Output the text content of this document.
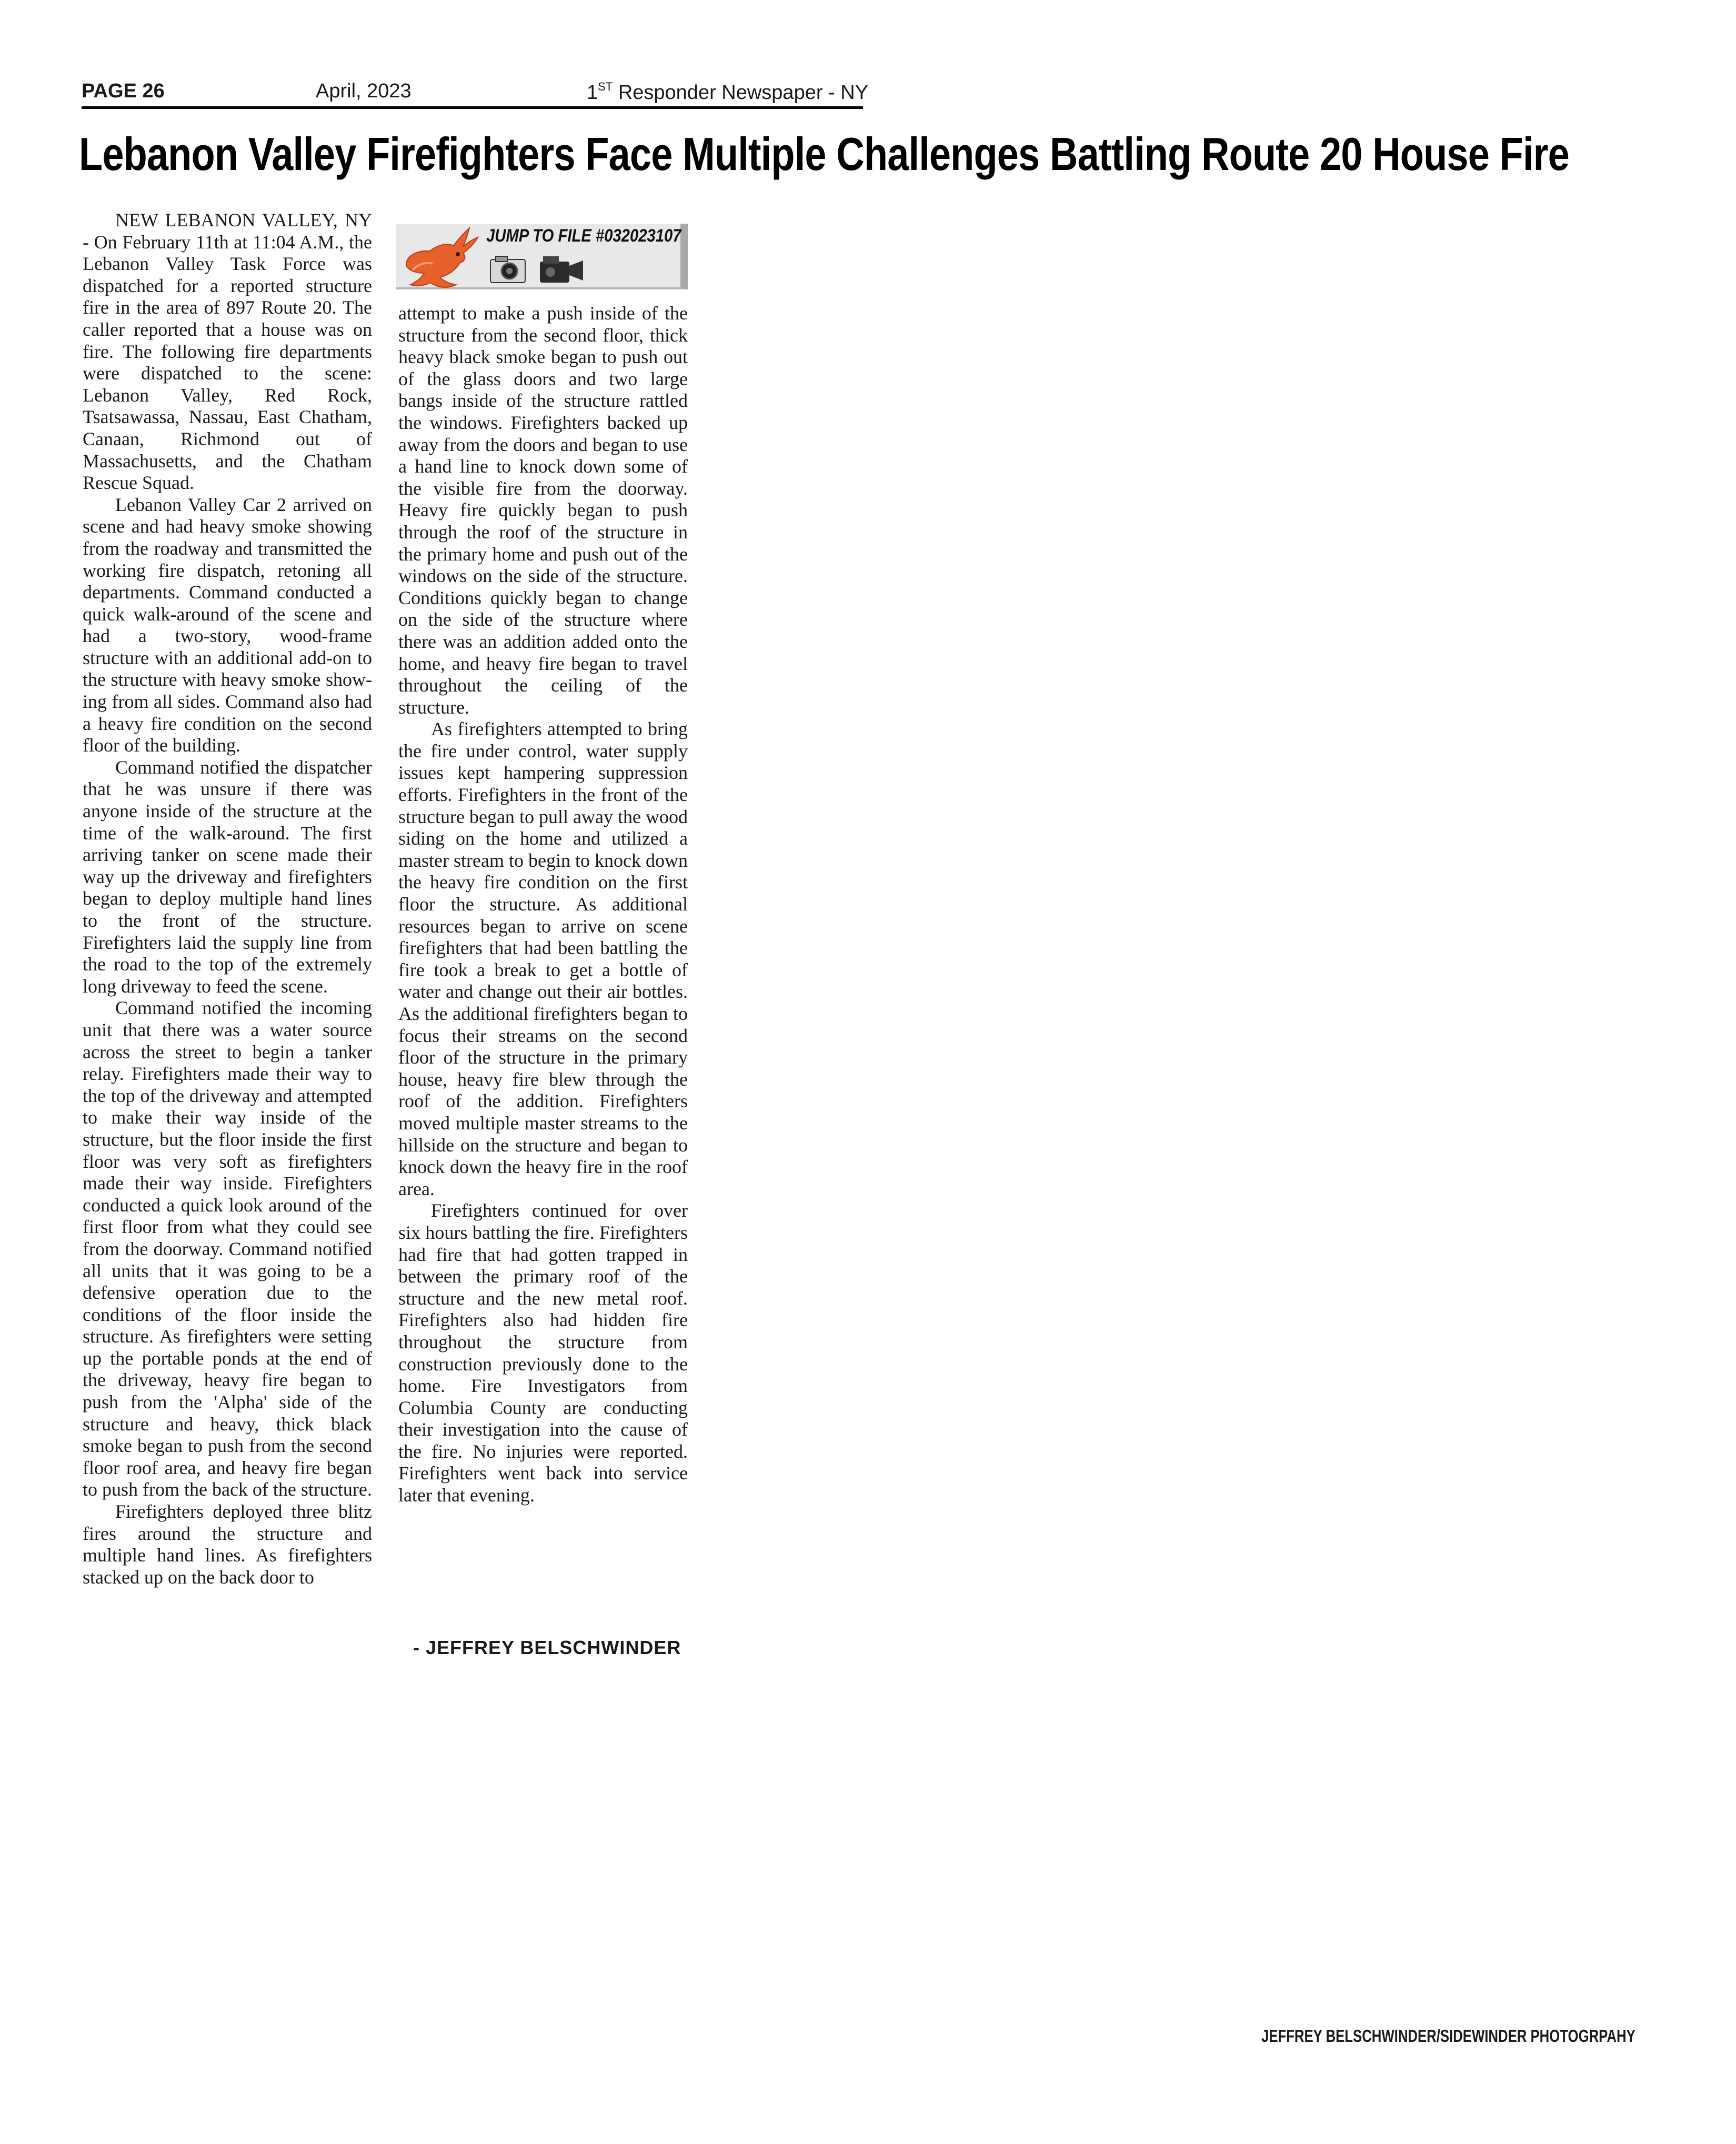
PAGE 26	April, 2023	1ST Responder Newspaper - NY
Lebanon Valley Firefighters Face Multiple Challenges Battling Route 20 House Fire

NEW LEBANON VALLEY, NY - On February 11th at 11:04 A.M., the Lebanon Valley Task Force was dispatched for a reported structure fire in the area of 897 Route 20. The caller reported that a house was on fire. The following fire departments were dispatched to the scene: Lebanon Valley, Red Rock, Tsatsawassa, Nassau, East Chatham, Canaan, Richmond out of Massachusetts, and the Chatham Rescue Squad.

Lebanon Valley Car 2 arrived on scene and had heavy smoke showing from the roadway and transmitted the working fire dispatch, retoning all departments. Command conducted a quick walk-around of the scene and had a two-story, wood-frame structure with an additional add-on to the structure with heavy smoke showing from all sides. Command also had a heavy fire condition on the second floor of the building.

Command notified the dispatcher that he was unsure if there was anyone inside of the structure at the time of the walk-around. The first arriving tanker on scene made their way up the driveway and firefighters began to deploy multiple hand lines to the front of the structure. Firefighters laid the supply line from the road to the top of the extremely long driveway to feed the scene.

Command notified the incoming unit that there was a water source across the street to begin a tanker relay. Firefighters made their way to the top of the driveway and attempted to make their way inside of the structure, but the floor inside the first floor was very soft as firefighters made their way inside. Firefighters conducted a quick look around of the first floor from what they could see from the doorway. Command notified all units that it was going to be a defensive operation due to the conditions of the floor inside the structure. As firefighters were setting up the portable ponds at the end of the driveway, heavy fire began to push from the 'Alpha' side of the structure and heavy, thick black smoke began to push from the second floor roof area, and heavy fire began to push from the back of the structure.

Firefighters deployed three blitz fires around the structure and multiple hand lines. As firefighters stacked up on the back door to

JUMP TO FILE #032023107

attempt to make a push inside of the structure from the second floor, thick heavy black smoke began to push out of the glass doors and two large bangs inside of the structure rattled the windows. Firefighters backed up away from the doors and began to use a hand line to knock down some of the visible fire from the doorway. Heavy fire quickly began to push through the roof of the structure in the primary home and push out of the windows on the side of the structure. Conditions quickly began to change on the side of the structure where there was an addition added onto the home, and heavy fire began to travel throughout the ceiling of the structure.

As firefighters attempted to bring the fire under control, water supply issues kept hampering suppression efforts. Firefighters in the front of the structure began to pull away the wood siding on the home and utilized a master stream to begin to knock down the heavy fire condition on the first floor the structure. As additional resources began to arrive on scene firefighters that had been battling the fire took a break to get a bottle of water and change out their air bottles. As the additional firefighters began to focus their streams on the second floor of the structure in the primary house, heavy fire blew through the roof of the addition. Firefighters moved multiple master streams to the hillside on the structure and began to knock down the heavy fire in the roof area.

Firefighters continued for over six hours battling the fire. Firefighters had fire that had gotten trapped in between the primary roof of the structure and the new metal roof. Firefighters also had hidden fire throughout the structure from construction previously done to the home. Fire Investigators from Columbia County are conducting their investigation into the cause of the fire. No injuries were reported. Firefighters went back into service later that evening.

- JEFFREY BELSCHWINDER
JEFFREY BELSCHWINDER/SIDEWINDER PHOTOGRPAHY
